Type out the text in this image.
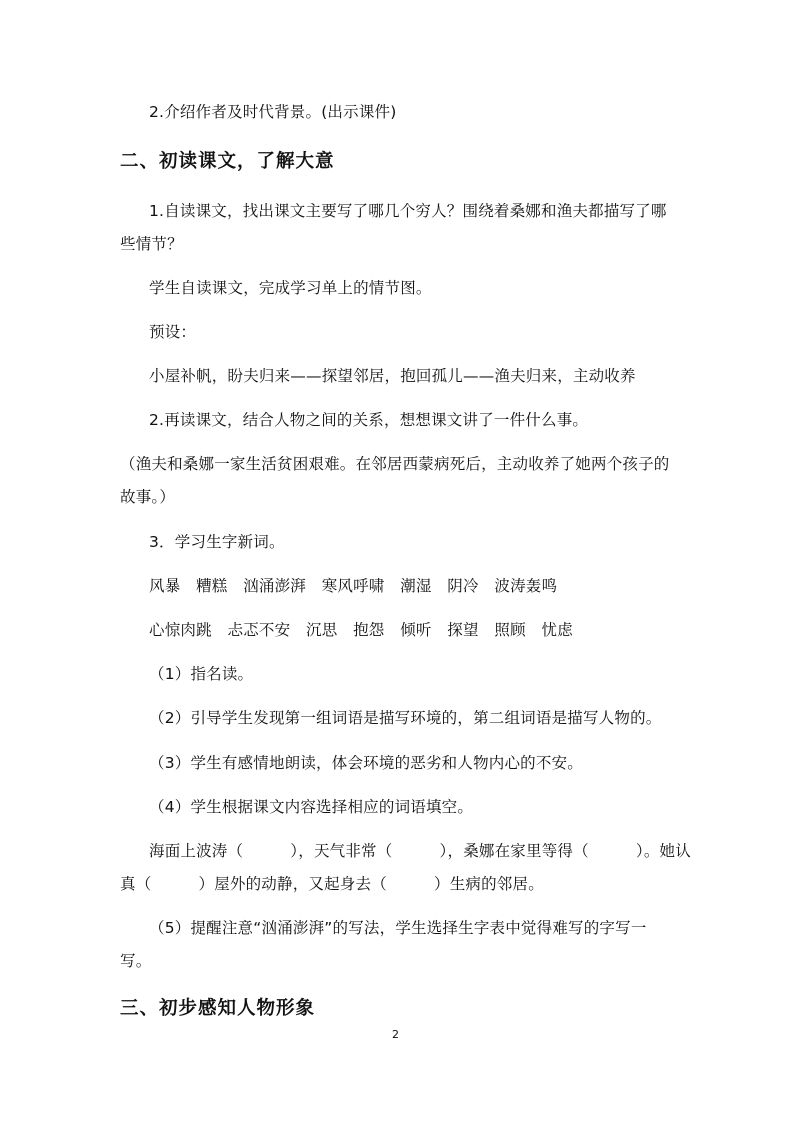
2.介绍作者及时代背景。(出示课件)
二、初读课文，了解大意
1.自读课文，找出课文主要写了哪几个穷人？围绕着桑娜和渔夫都描写了哪
些情节？
学生自读课文，完成学习单上的情节图。
预设：
小屋补帆，盼夫归来——探望邻居，抱回孤儿——渔夫归来，主动收养
2.再读课文，结合人物之间的关系，想想课文讲了一件什么事。
（渔夫和桑娜一家生活贫困艰难。在邻居西蒙病死后，主动收养了她两个孩子的
故事。）
3．学习生字新词。
风暴　糟糕　汹涌澎湃　寒风呼啸　潮湿　阴冷　波涛轰鸣
心惊肉跳　忐忑不安　沉思　抱怨　倾听　探望　照顾　忧虑
（1）指名读。
（2）引导学生发现第一组词语是描写环境的，第二组词语是描写人物的。
（3）学生有感情地朗读，体会环境的恶劣和人物内心的不安。
（4）学生根据课文内容选择相应的词语填空。
海面上波涛（　　　），天气非常（　　　），桑娜在家里等得（　　　）。她认
真（　　　）屋外的动静，又起身去（　　　）生病的邻居。
（5）提醒注意“汹涌澎湃”的写法，学生选择生字表中觉得难写的字写一
写。
三、初步感知人物形象
2
